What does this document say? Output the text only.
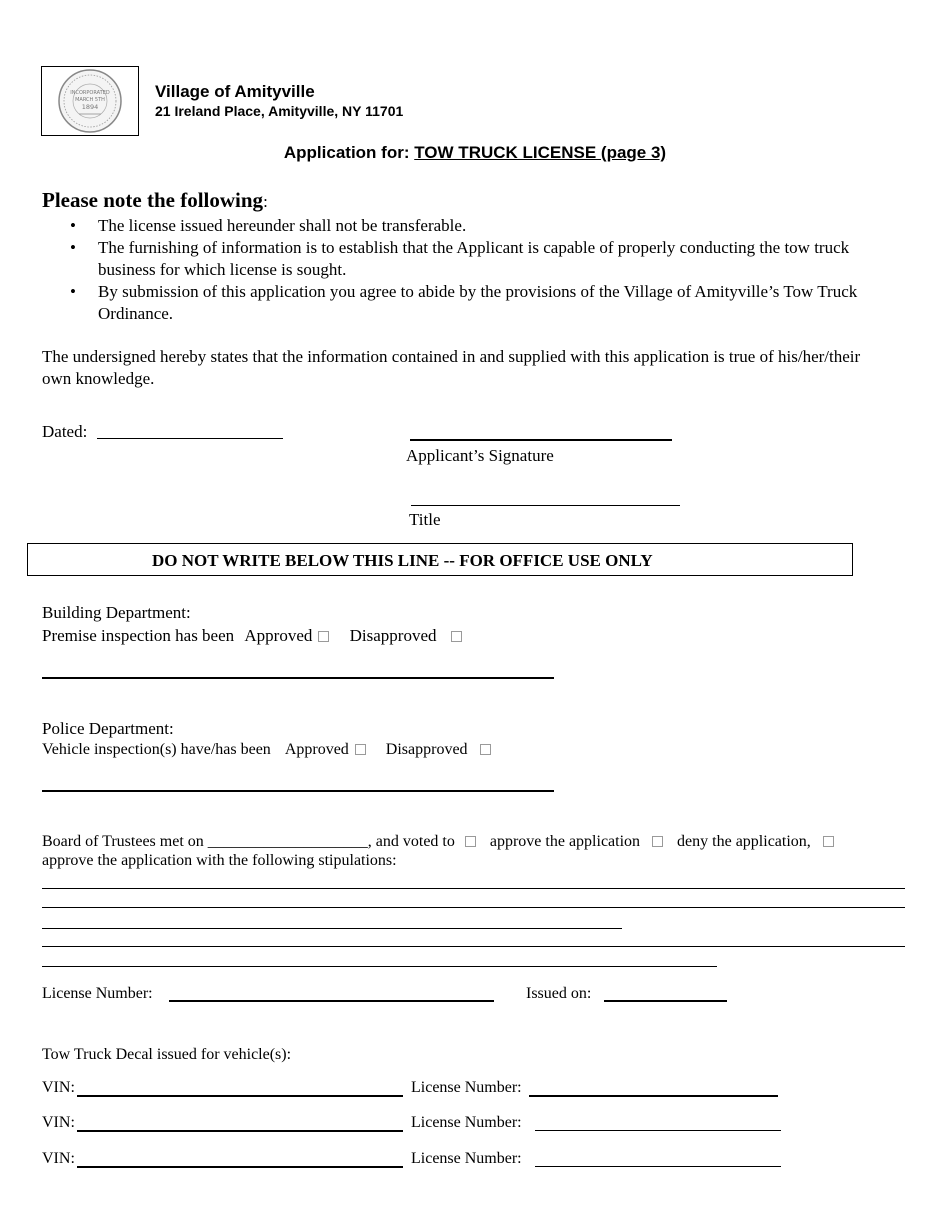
INCORPORATED
MARCH 5TH
1894
Village of Amityville
21 Ireland Place, Amityville, NY 11701
Application for: TOW TRUCK LICENSE (page 3)
Please note the following:
• The license issued hereunder shall not be transferable.
• The furnishing of information is to establish that the Applicant is capable of properly conducting the tow truck business for which license is sought.
• By submission of this application you agree to abide by the provisions of the Village of Amityville’s Tow Truck Ordinance.
The undersigned hereby states that the information contained in and supplied with this application is true of his/her/their own knowledge.
Dated:
Applicant’s Signature
Title
DO NOT WRITE BELOW THIS LINE -- FOR OFFICE USE ONLY
Building Department:
Premise inspection has been Approved Disapproved
Police Department:
Vehicle inspection(s) have/has been Approved Disapproved
Board of Trustees met on ____________________, and voted to approve the application deny the application,
approve the application with the following stipulations:
License Number:	Issued on:
Tow Truck Decal issued for vehicle(s):
VIN:	License Number:
VIN:	License Number:
VIN:	License Number:
